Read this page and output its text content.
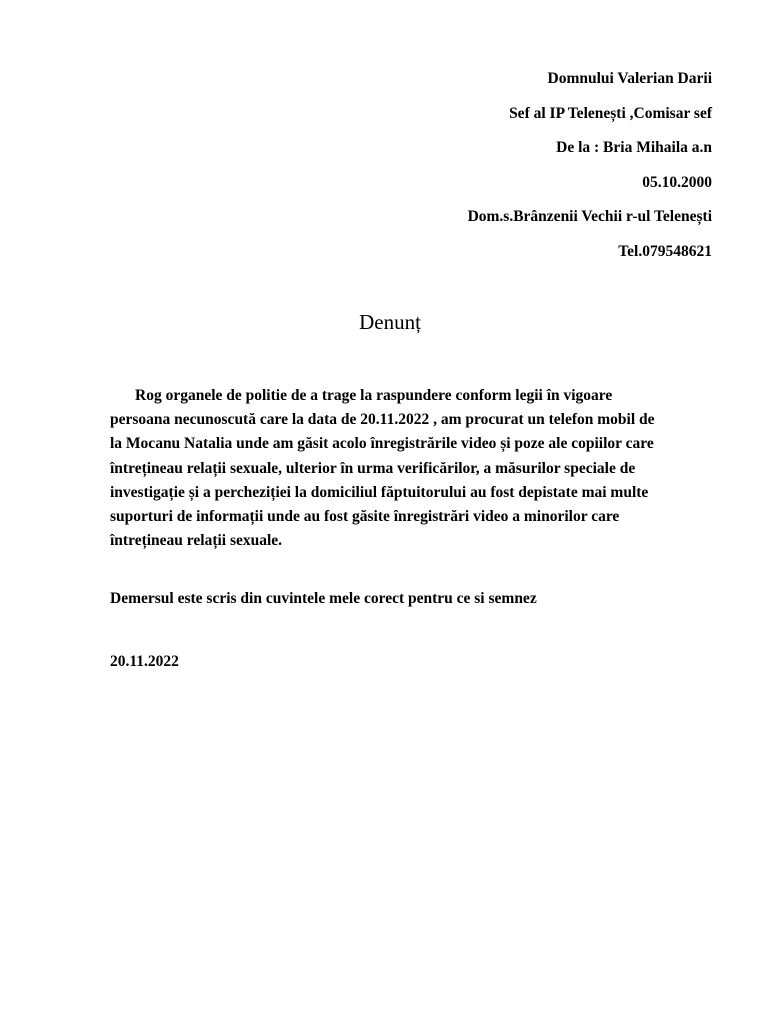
Domnului Valerian Darii
Sef al IP Telenești ,Comisar sef
De la : Bria Mihaila a.n
05.10.2000
Dom.s.Brânzenii Vechii r-ul Telenești
Tel.079548621
Denunț
Rog organele de politie de a trage la raspundere conform legii în vigoare
persoana necunoscută care la data de 20.11.2022 , am procurat un telefon mobil de
la Mocanu Natalia unde am găsit acolo înregistrările video și poze ale copiilor care
întrețineau relații sexuale, ulterior în urma verificărilor, a măsurilor speciale de
investigație și a percheziției la domiciliul făptuitorului au fost depistate mai multe
suporturi de informații unde au fost găsite înregistrări video a minorilor care
întrețineau relații sexuale.
Demersul este scris din cuvintele mele corect pentru ce si semnez
20.11.2022
